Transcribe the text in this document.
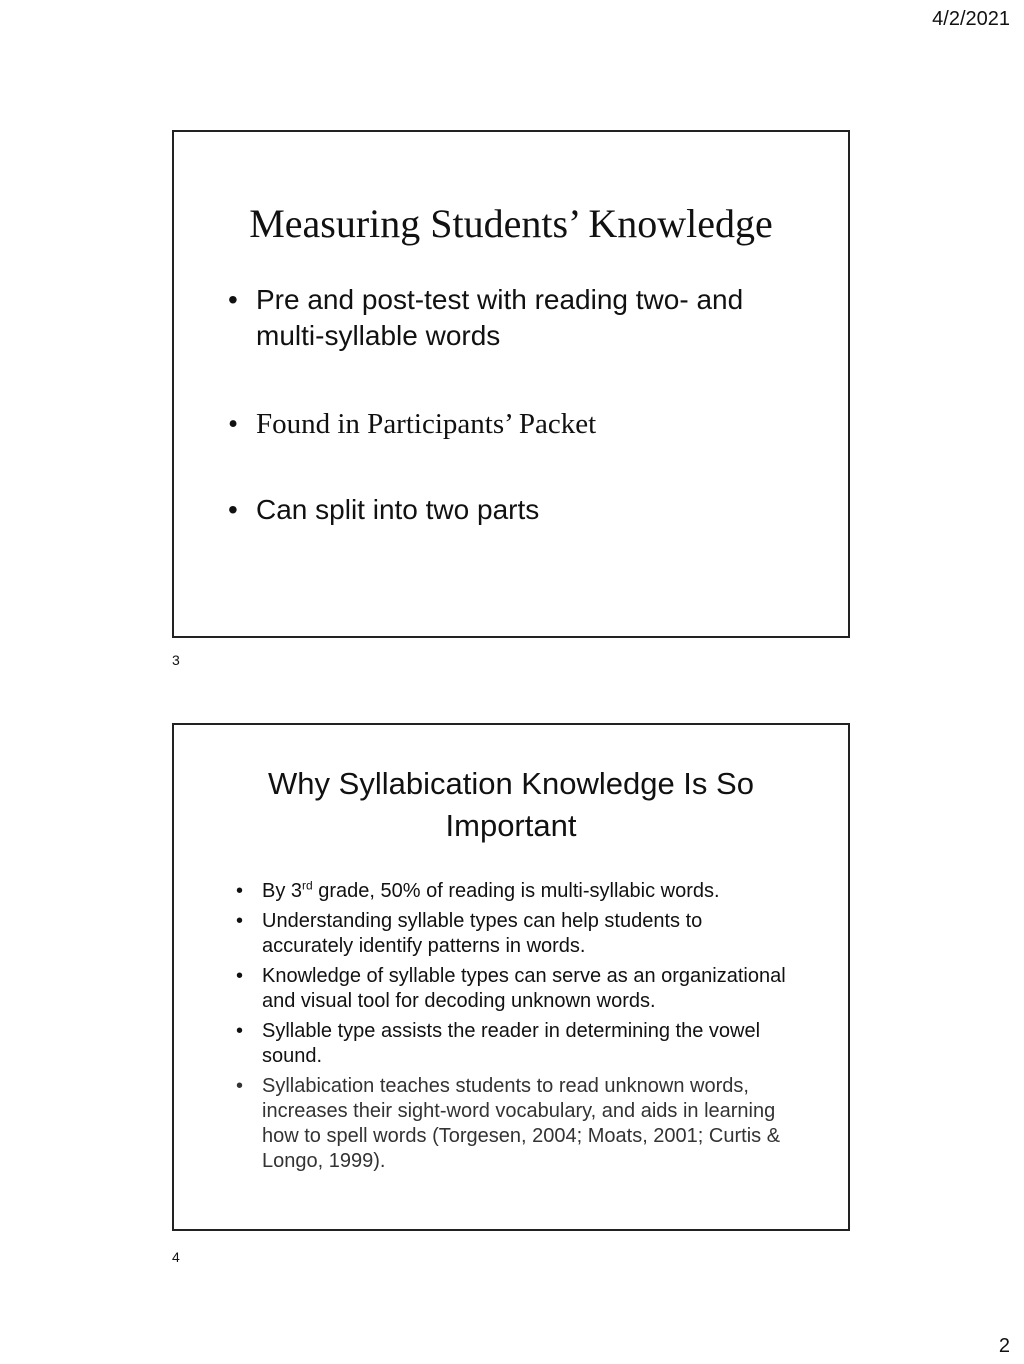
4/2/2021
Measuring Students’ Knowledge
• Pre and post-test with reading two- and multi-syllable words
• Found in Participants’ Packet
• Can split into two parts
3
Why Syllabication Knowledge Is So
Important
• By 3rd grade, 50% of reading is multi-syllabic words.
• Understanding syllable types can help students to accurately identify patterns in words.
• Knowledge of syllable types can serve as an organizational and visual tool for decoding unknown words.
• Syllable type assists the reader in determining the vowel sound.
• Syllabication teaches students to read unknown words, increases their sight-word vocabulary, and aids in learning how to spell words (Torgesen, 2004; Moats, 2001; Curtis & Longo, 1999).
4
2
